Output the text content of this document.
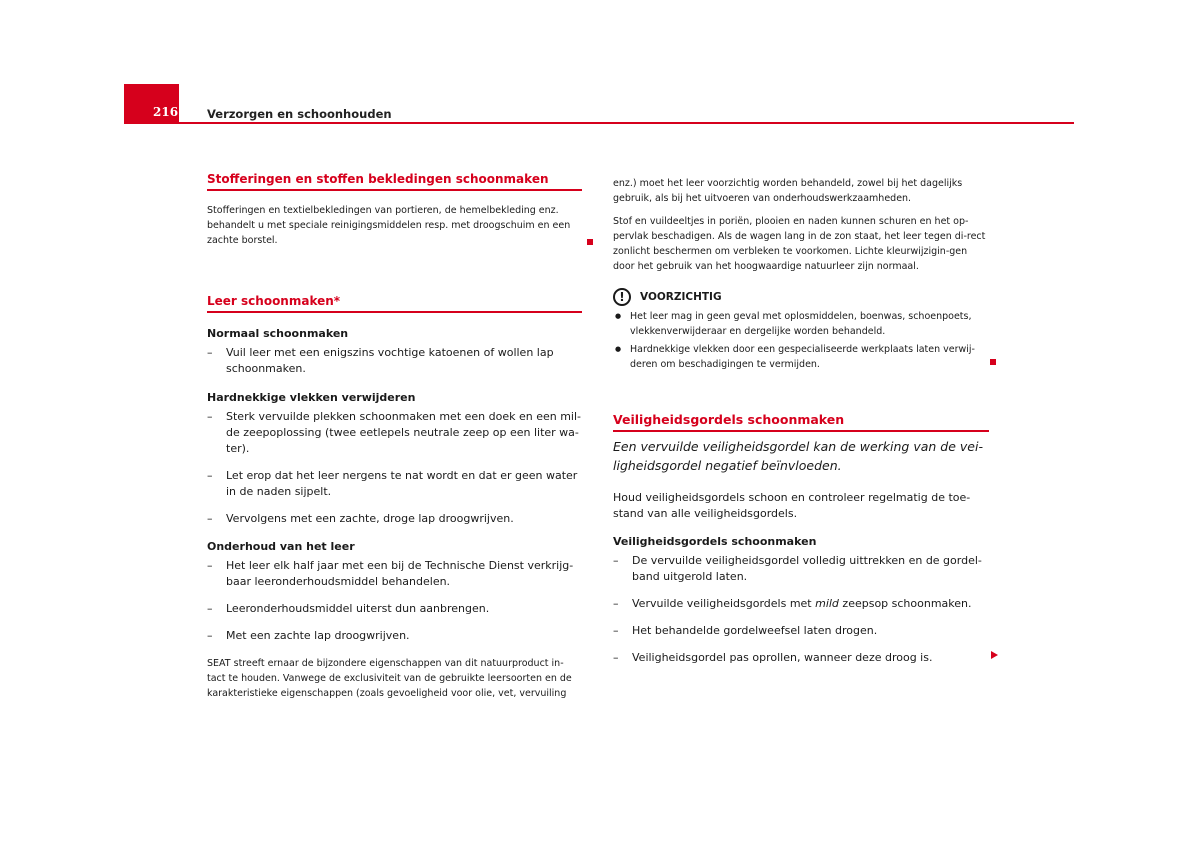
216	Verzorgen en schoonhouden
Stofferingen en stoffen bekledingen schoonmaken

Stofferingen en textielbekledingen van portieren, de hemelbekleding enz. behandelt u met speciale reinigingsmiddelen resp. met droogschuim en een zachte borstel.

Leer schoonmaken*

Normaal schoonmaken

– Vuil leer met een enigszins vochtige katoenen of wollen lap schoonmaken.

Hardnekkige vlekken verwijderen

– Sterk vervuilde plekken schoonmaken met een doek en een mil-de zeepoplossing (twee eetlepels neutrale zeep op een liter wa-ter).
– Let erop dat het leer nergens te nat wordt en dat er geen water in de naden sijpelt.
– Vervolgens met een zachte, droge lap droogwrijven.

Onderhoud van het leer

– Het leer elk half jaar met een bij de Technische Dienst verkrijg-baar leeronderhoudsmiddel behandelen.
– Leeronderhoudsmiddel uiterst dun aanbrengen.
– Met een zachte lap droogwrijven.

SEAT streeft ernaar de bijzondere eigenschappen van dit natuurproduct in-tact te houden. Vanwege de exclusiviteit van de gebruikte leersoorten en de karakteristieke eigenschappen (zoals gevoeligheid voor olie, vet, vervuiling

enz.) moet het leer voorzichtig worden behandeld, zowel bij het dagelijks gebruik, als bij het uitvoeren van onderhoudswerkzaamheden.

Stof en vuildeeltjes in poriën, plooien en naden kunnen schuren en het op-pervlak beschadigen. Als de wagen lang in de zon staat, het leer tegen di-rect zonlicht beschermen om verbleken te voorkomen. Lichte kleurwijzigin-gen door het gebruik van het hoogwaardige natuurleer zijn normaal.

!	VOORZICHTIG
● Het leer mag in geen geval met oplosmiddelen, boenwas, schoenpoets, vlekkenverwijderaar en dergelijke worden behandeld.
● Hardnekkige vlekken door een gespecialiseerde werkplaats laten verwij-deren om beschadigingen te vermijden.
Veiligheidsgordels schoonmaken

Een vervuilde veiligheidsgordel kan de werking van de vei-ligheidsgordel negatief beïnvloeden.

Houd veiligheidsgordels schoon en controleer regelmatig de toe-stand van alle veiligheidsgordels.

Veiligheidsgordels schoonmaken

– De vervuilde veiligheidsgordel volledig uittrekken en de gordel-band uitgerold laten.
– Vervuilde veiligheidsgordels met mild zeepsop schoonmaken.
– Het behandelde gordelweefsel laten drogen.
– Veiligheidsgordel pas oprollen, wanneer deze droog is.
